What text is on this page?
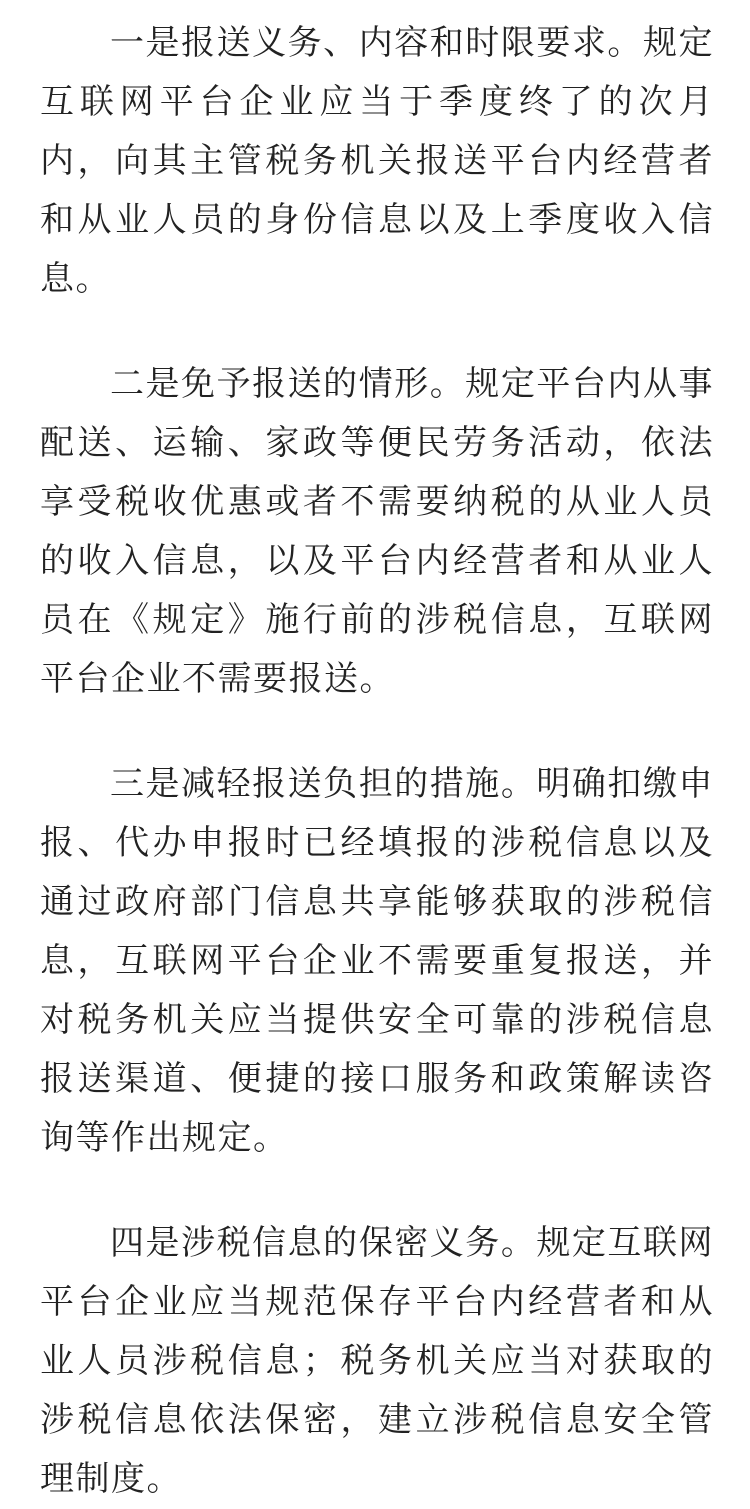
一是报送义务、内容和时限要求。规定互联网平台企业应当于季度终了的次月内，向其主管税务机关报送平台内经营者和从业人员的身份信息以及上季度收入信息。

二是免予报送的情形。规定平台内从事配送、运输、家政等便民劳务活动，依法享受税收优惠或者不需要纳税的从业人员的收入信息，以及平台内经营者和从业人员在《规定》施行前的涉税信息，互联网平台企业不需要报送。

三是减轻报送负担的措施。明确扣缴申报、代办申报时已经填报的涉税信息以及通过政府部门信息共享能够获取的涉税信息，互联网平台企业不需要重复报送，并对税务机关应当提供安全可靠的涉税信息报送渠道、便捷的接口服务和政策解读咨询等作出规定。

四是涉税信息的保密义务。规定互联网平台企业应当规范保存平台内经营者和从业人员涉税信息；税务机关应当对获取的涉税信息依法保密，建立涉税信息安全管理制度。
